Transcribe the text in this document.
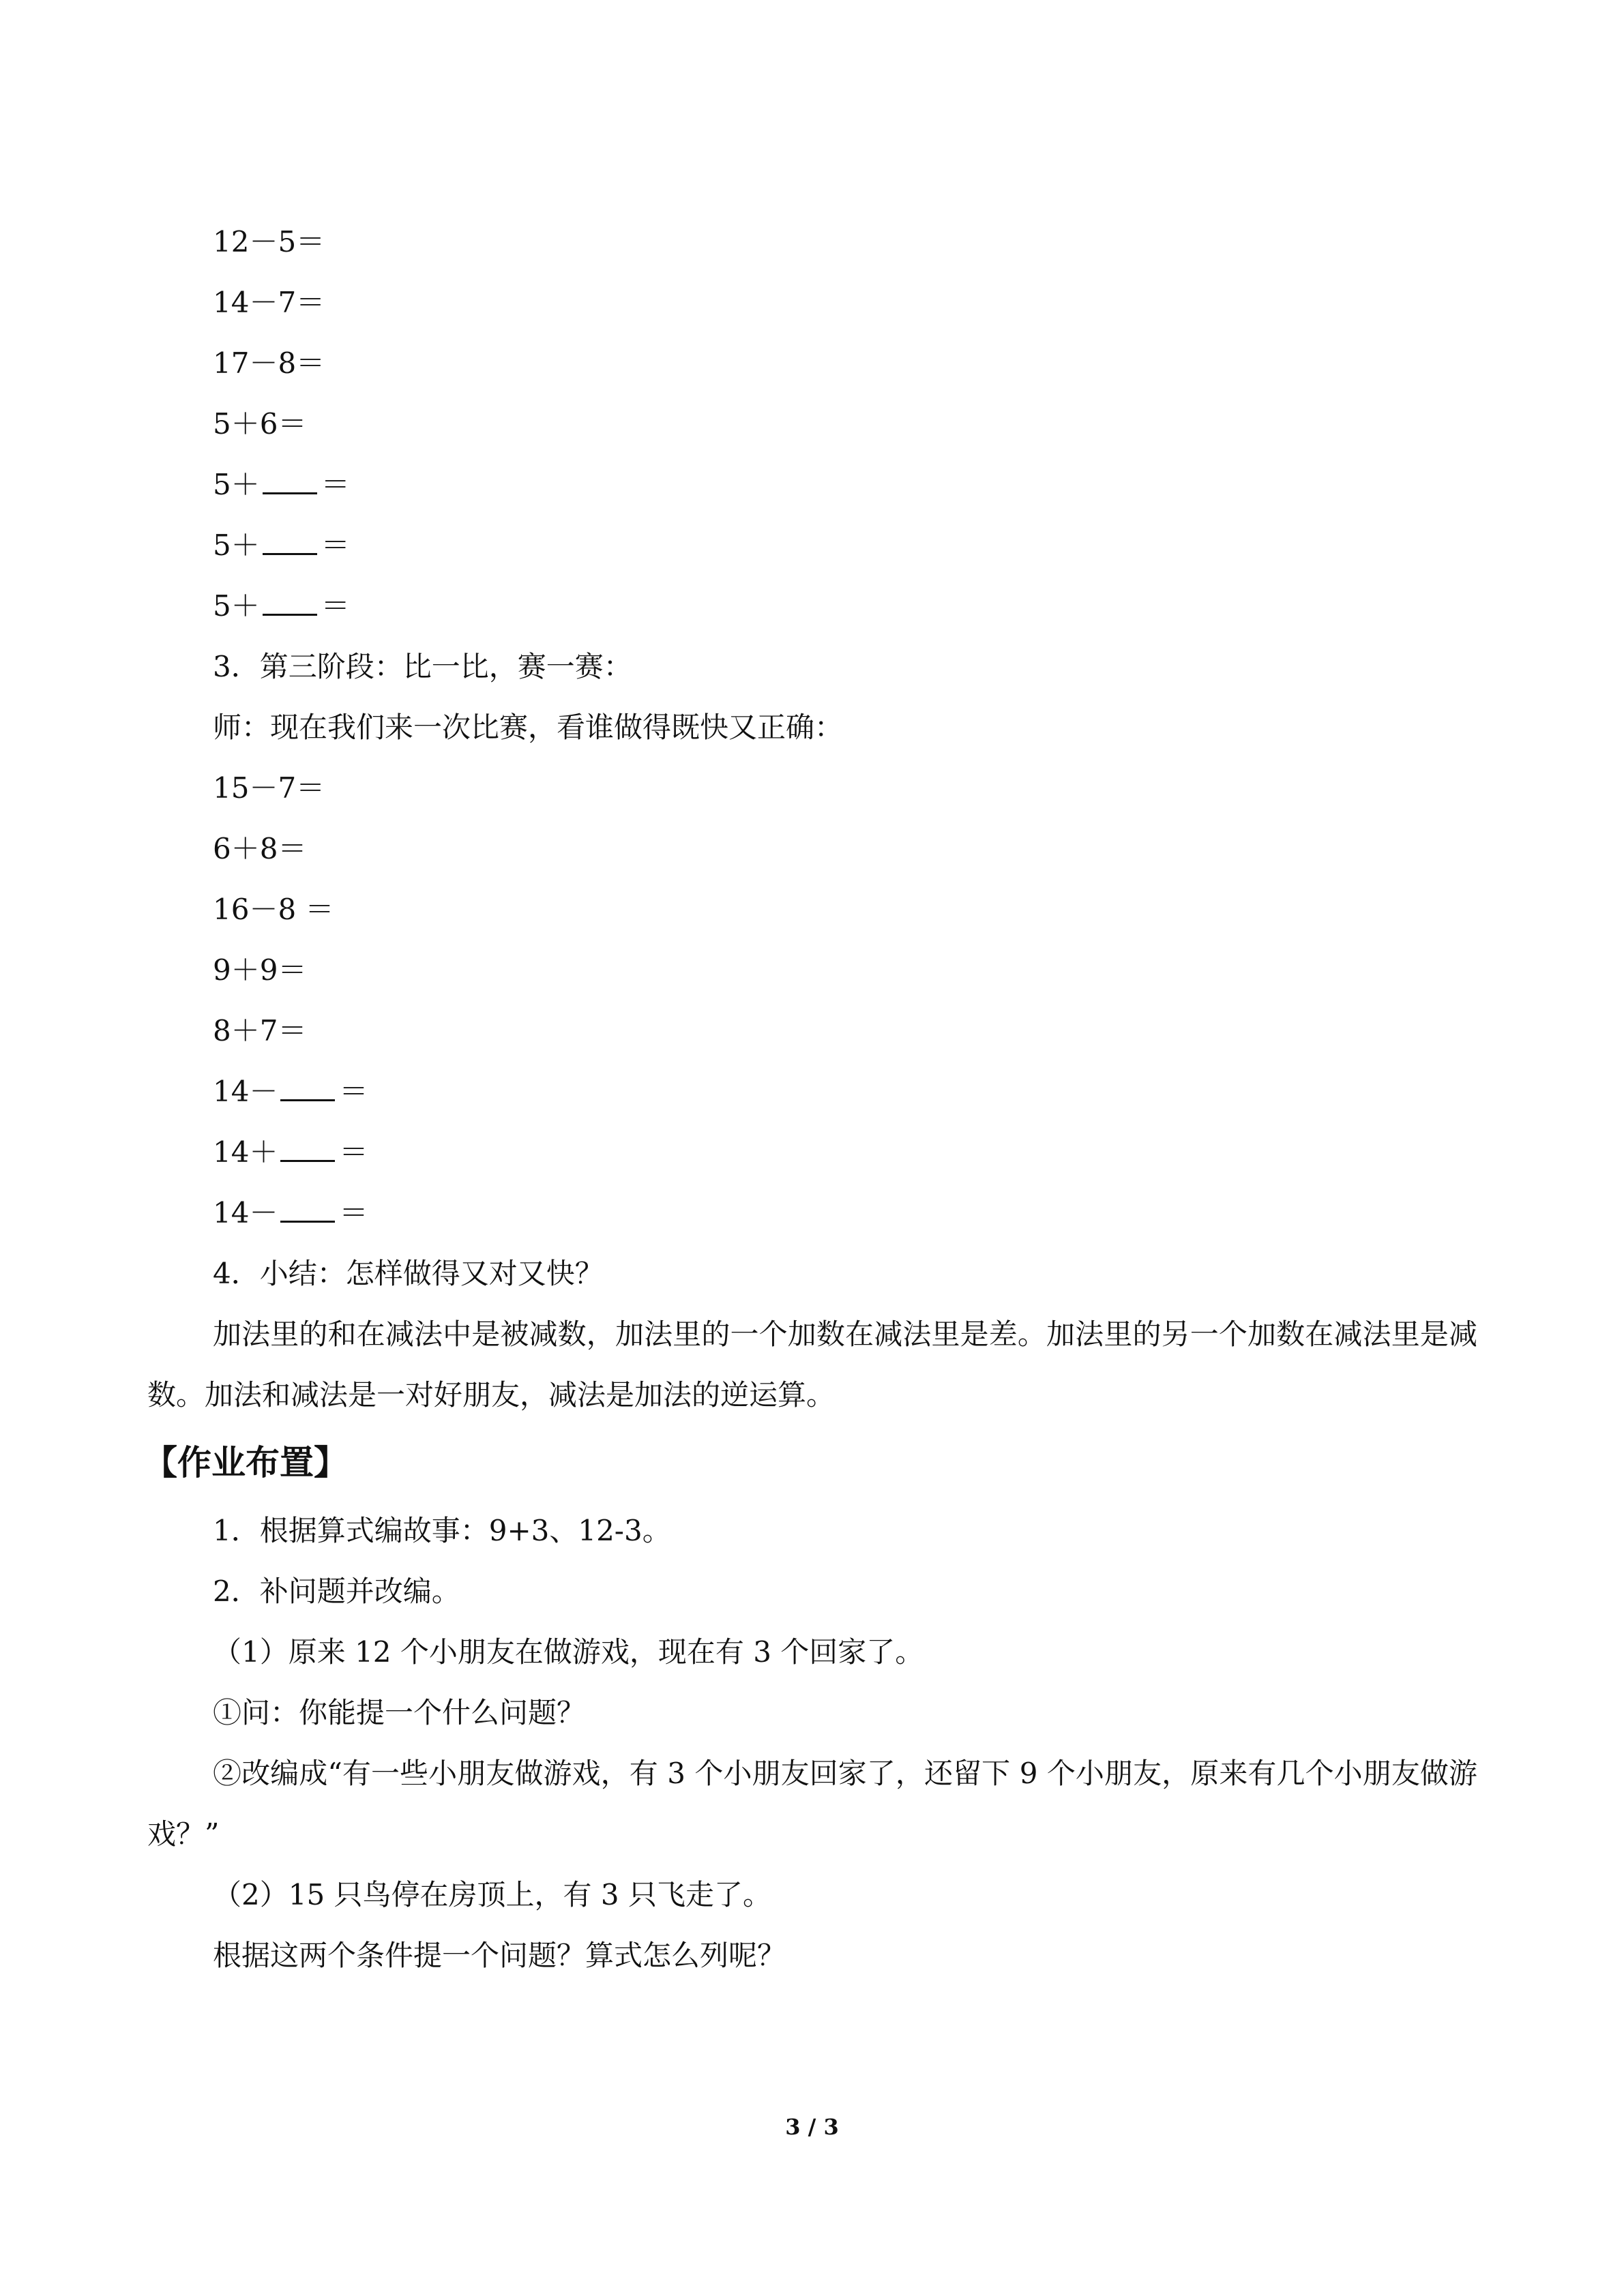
12－5＝
14－7＝
17－8＝
5＋6＝
5＋ ＝
5＋ ＝
5＋ ＝
3．第三阶段：比一比，赛一赛：
师：现在我们来一次比赛，看谁做得既快又正确：
15－7＝
6＋8＝
16－8 ＝
9＋9＝
8＋7＝
14－ ＝
14＋ ＝
14－ ＝
4．小结：怎样做得又对又快？
加法里的和在减法中是被减数，加法里的一个加数在减法里是差。加法里的另一个加数在减法里是减数。加法和减法是一对好朋友，减法是加法的逆运算。
【作业布置】
1．根据算式编故事：9+3、12-3。
2．补问题并改编。
（1）原来 12 个小朋友在做游戏，现在有 3 个回家了。
①问：你能提一个什么问题？
②改编成“有一些小朋友做游戏，有 3 个小朋友回家了，还留下 9 个小朋友，原来有几个小朋友做游戏？”
（2）15 只鸟停在房顶上，有 3 只飞走了。
根据这两个条件提一个问题？算式怎么列呢？
3 / 3
